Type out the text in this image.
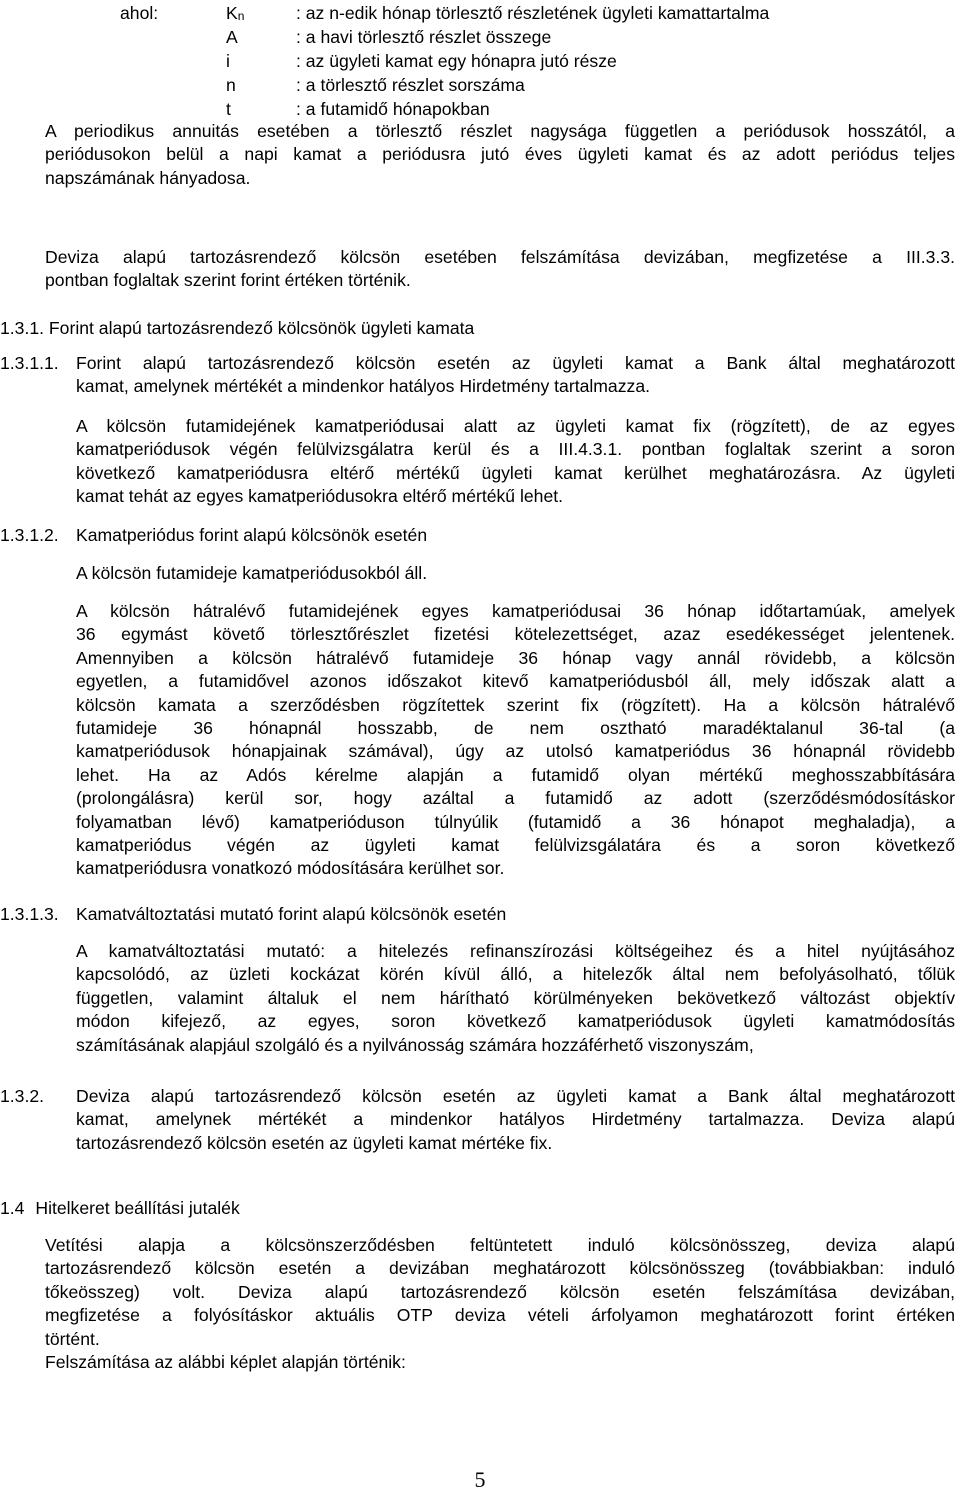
ahol:	$K_n$	: az n-edik hónap törlesztő részletének ügyleti kamattartalma
A	: a havi törlesztő részlet összege
i	: az ügyleti kamat egy hónapra jutó része
n	: a törlesztő részlet sorszáma
t	: a futamidő hónapokban
A periodikus annuitás esetében a törlesztő részlet nagysága független a periódusok hosszától, a
periódusokon belül a napi kamat a periódusra jutó éves ügyleti kamat és az adott periódus teljes
napszámának hányadosa.
Deviza alapú tartozásrendező kölcsön esetében felszámítása devizában, megfizetése a III.3.3.
pontban foglaltak szerint forint értéken történik.
1.3.1. Forint alapú tartozásrendező kölcsönök ügyleti kamata
1.3.1.1. Forint alapú tartozásrendező kölcsön esetén az ügyleti kamat a Bank által meghatározott
kamat, amelynek mértékét a mindenkor hatályos Hirdetmény tartalmazza.
A kölcsön futamidejének kamatperiódusai alatt az ügyleti kamat fix (rögzített), de az egyes
kamatperiódusok végén felülvizsgálatra kerül és a III.4.3.1. pontban foglaltak szerint a soron
következő kamatperiódusra eltérő mértékű ügyleti kamat kerülhet meghatározásra. Az ügyleti
kamat tehát az egyes kamatperiódusokra eltérő mértékű lehet.
1.3.1.2. Kamatperiódus forint alapú kölcsönök esetén
A kölcsön futamideje kamatperiódusokból áll.
A kölcsön hátralévő futamidejének egyes kamatperiódusai 36 hónap időtartamúak, amelyek
36 egymást követő törlesztőrészlet fizetési kötelezettséget, azaz esedékességet jelentenek.
Amennyiben a kölcsön hátralévő futamideje 36 hónap vagy annál rövidebb, a kölcsön
egyetlen, a futamidővel azonos időszakot kitevő kamatperiódusból áll, mely időszak alatt a
kölcsön kamata a szerződésben rögzítettek szerint fix (rögzített). Ha a kölcsön hátralévő
futamideje 36 hónapnál hosszabb, de nem osztható maradéktalanul 36-tal (a
kamatperiódusok hónapjainak számával), úgy az utolsó kamatperiódus 36 hónapnál rövidebb
lehet. Ha az Adós kérelme alapján a futamidő olyan mértékű meghosszabbítására
(prolongálásra) kerül sor, hogy azáltal a futamidő az adott (szerződésmódosításkor
folyamatban lévő) kamatperióduson túlnyúlik (futamidő a 36 hónapot meghaladja), a
kamatperiódus végén az ügyleti kamat felülvizsgálatára és a soron következő
kamatperiódusra vonatkozó módosítására kerülhet sor.
1.3.1.3. Kamatváltoztatási mutató forint alapú kölcsönök esetén
A kamatváltoztatási mutató: a hitelezés refinanszírozási költségeihez és a hitel nyújtásához
kapcsolódó, az üzleti kockázat körén kívül álló, a hitelezők által nem befolyásolható, tőlük
független, valamint általuk el nem hárítható körülményeken bekövetkező változást objektív
módon kifejező, az egyes, soron következő kamatperiódusok ügyleti kamatmódosítás
számításának alapjául szolgáló és a nyilvánosság számára hozzáférhető viszonyszám,
1.3.2. Deviza alapú tartozásrendező kölcsön esetén az ügyleti kamat a Bank által meghatározott
kamat, amelynek mértékét a mindenkor hatályos Hirdetmény tartalmazza. Deviza alapú
tartozásrendező kölcsön esetén az ügyleti kamat mértéke fix.
1.4 Hitelkeret beállítási jutalék
Vetítési alapja a kölcsönszerződésben feltüntetett induló kölcsönösszeg, deviza alapú
tartozásrendező kölcsön esetén a devizában meghatározott kölcsönösszeg (továbbiakban: induló
tőkeösszeg) volt. Deviza alapú tartozásrendező kölcsön esetén felszámítása devizában,
megfizetése a folyósításkor aktuális OTP deviza vételi árfolyamon meghatározott forint értéken
történt.
Felszámítása az alábbi képlet alapján történik:
5
